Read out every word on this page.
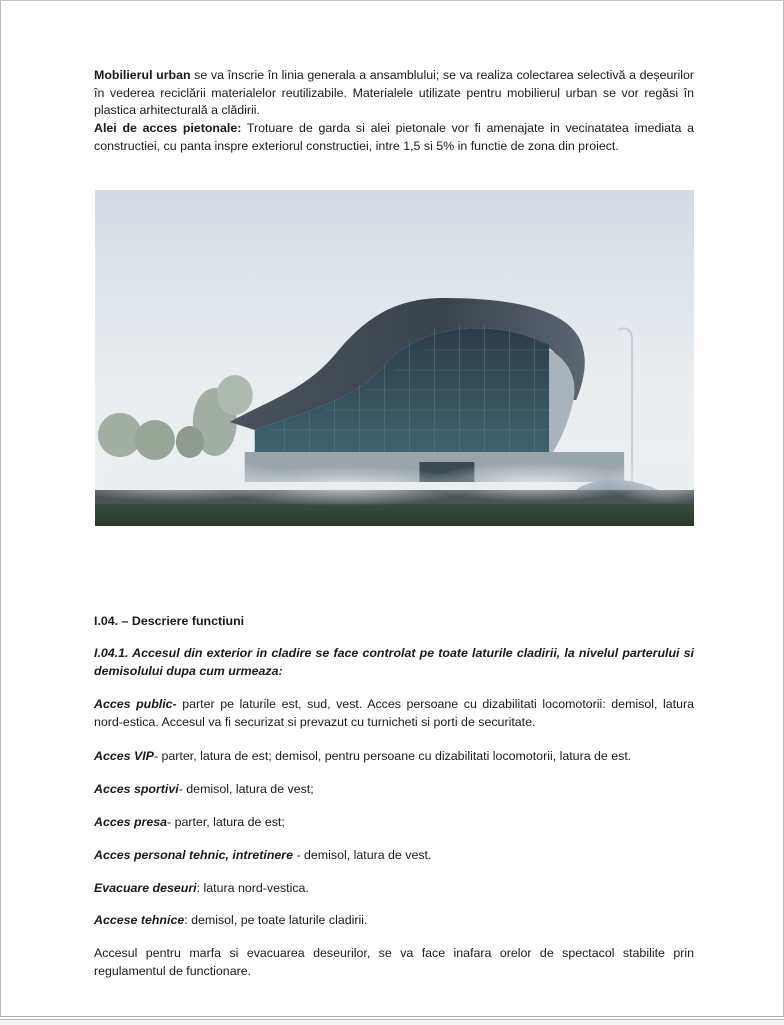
Mobilierul urban se va înscrie în linia generala a ansamblului; se va realiza colectarea selectivă a deșeurilor în vederea reciclării materialelor reutilizabile. Materialele utilizate pentru mobilierul urban se vor regăsi în plastica arhitecturală a clădirii.

Alei de acces pietonale: Trotuare de garda si alei pietonale vor fi amenajate in vecinatatea imediata a constructiei, cu panta inspre exteriorul constructiei, intre 1,5 si 5% in functie de zona din proiect.

I.04. – Descriere functiuni
I.04.1. Accesul din exterior in cladire se face controlat pe toate laturile cladirii, la nivelul parterului si demisolului dupa cum urmeaza:

Acces public- parter pe laturile est, sud, vest. Acces persoane cu dizabilitati locomotorii: demisol, latura nord-estica. Accesul va fi securizat si prevazut cu turnicheti si porti de securitate.

Acces VIP- parter, latura de est; demisol, pentru persoane cu dizabilitati locomotorii, latura de est.

Acces sportivi- demisol, latura de vest;

Acces presa- parter, latura de est;

Acces personal tehnic, intretinere - demisol, latura de vest.

Evacuare deseuri: latura nord-vestica.

Accese tehnice: demisol, pe toate laturile cladirii.

Accesul pentru marfa si evacuarea deseurilor, se va face inafara orelor de spectacol stabilite prin regulamentul de functionare.
